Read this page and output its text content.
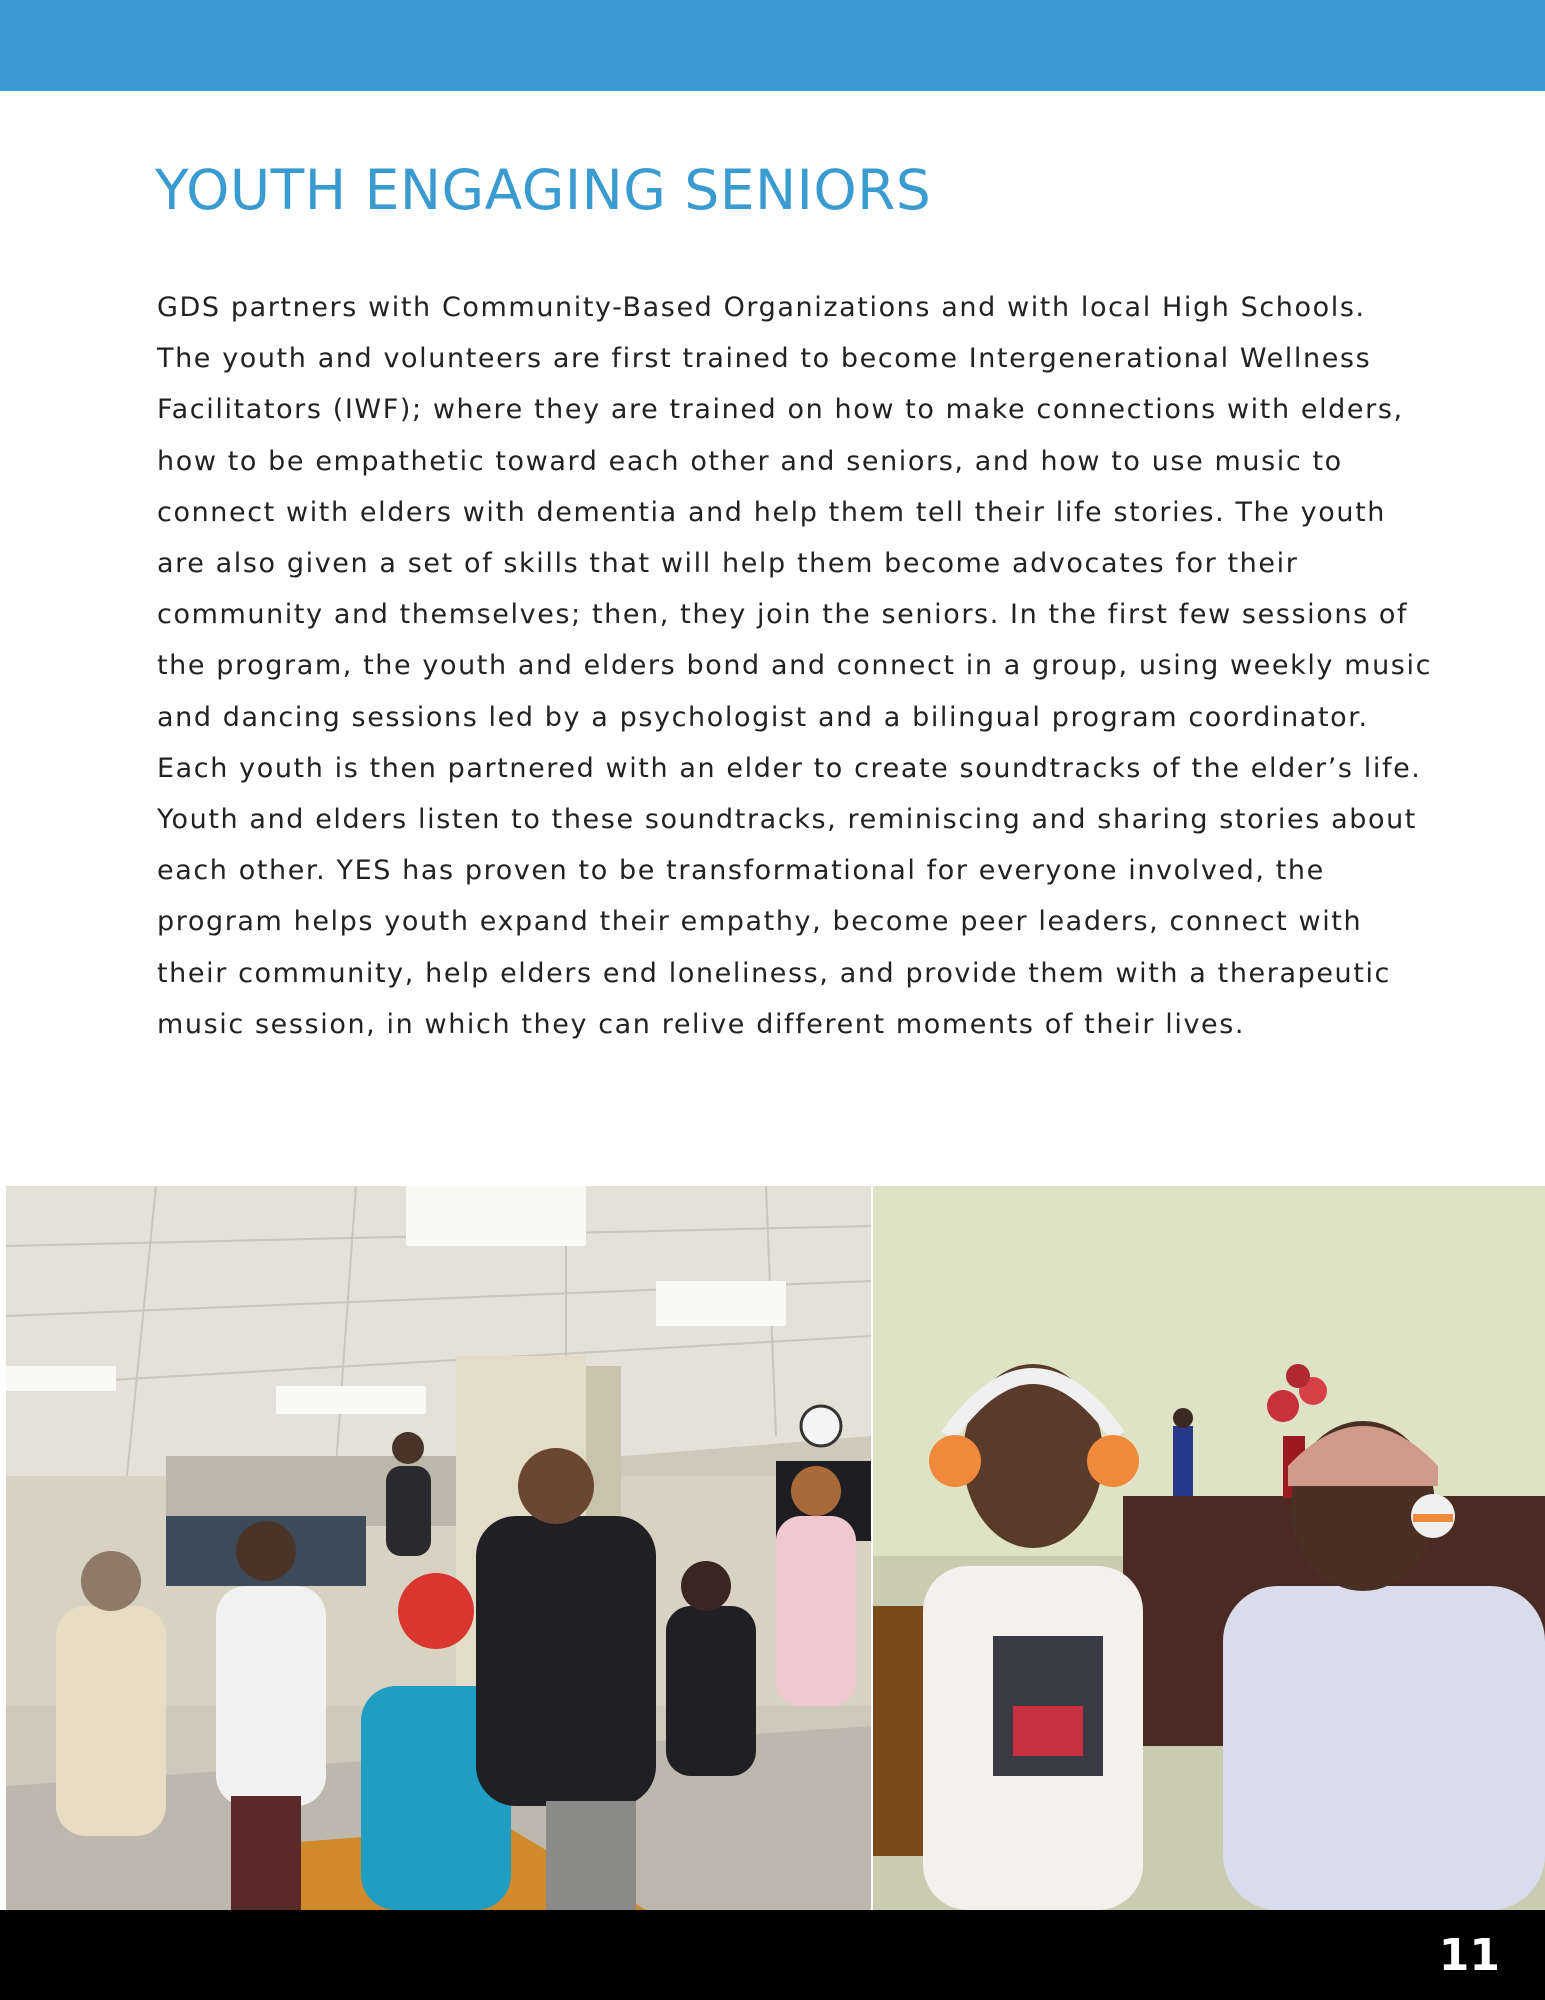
YOUTH ENGAGING SENIORS
GDS partners with Community-Based Organizations and with local High Schools.
The youth and volunteers are first trained to become Intergenerational Wellness
Facilitators (IWF); where they are trained on how to make connections with elders,
how to be empathetic toward each other and seniors, and how to use music to
connect with elders with dementia and help them tell their life stories. The youth
are also given a set of skills that will help them become advocates for their
community and themselves; then, they join the seniors. In the first few sessions of
the program, the youth and elders bond and connect in a group, using weekly music
and dancing sessions led by a psychologist and a bilingual program coordinator.
Each youth is then partnered with an elder to create soundtracks of the elder’s life.
Youth and elders listen to these soundtracks, reminiscing and sharing stories about
each other. YES has proven to be transformational for everyone involved, the
program helps youth expand their empathy, become peer leaders, connect with
their community, help elders end loneliness, and provide them with a therapeutic
music session, in which they can relive different moments of their lives.
11
